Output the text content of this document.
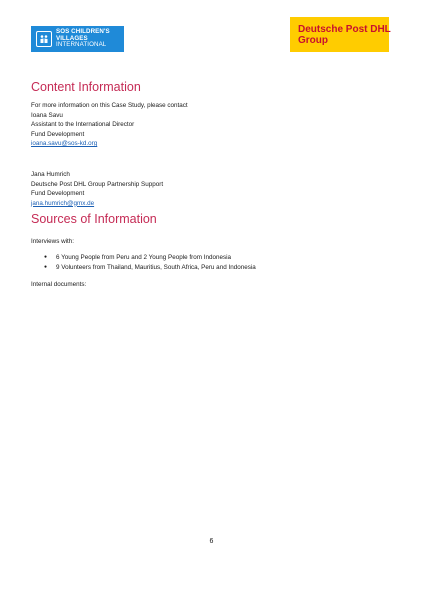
SOS CHILDREN'S
VILLAGES
INTERNATIONAL
Deutsche Post DHL
Group
Content Information
For more information on this Case Study, please contact
Ioana Savu
Assistant to the International Director
Fund Development
ioana.savu@sos-kd.org
Jana Humrich
Deutsche Post DHL Group Partnership Support
Fund Development
jana.humrich@gmx.de
Sources of Information
Interviews with:
● 6 Young People from Peru and 2 Young People from Indonesia
● 9 Volunteers from Thailand, Mauritius, South Africa, Peru and Indonesia
Internal documents:
6
